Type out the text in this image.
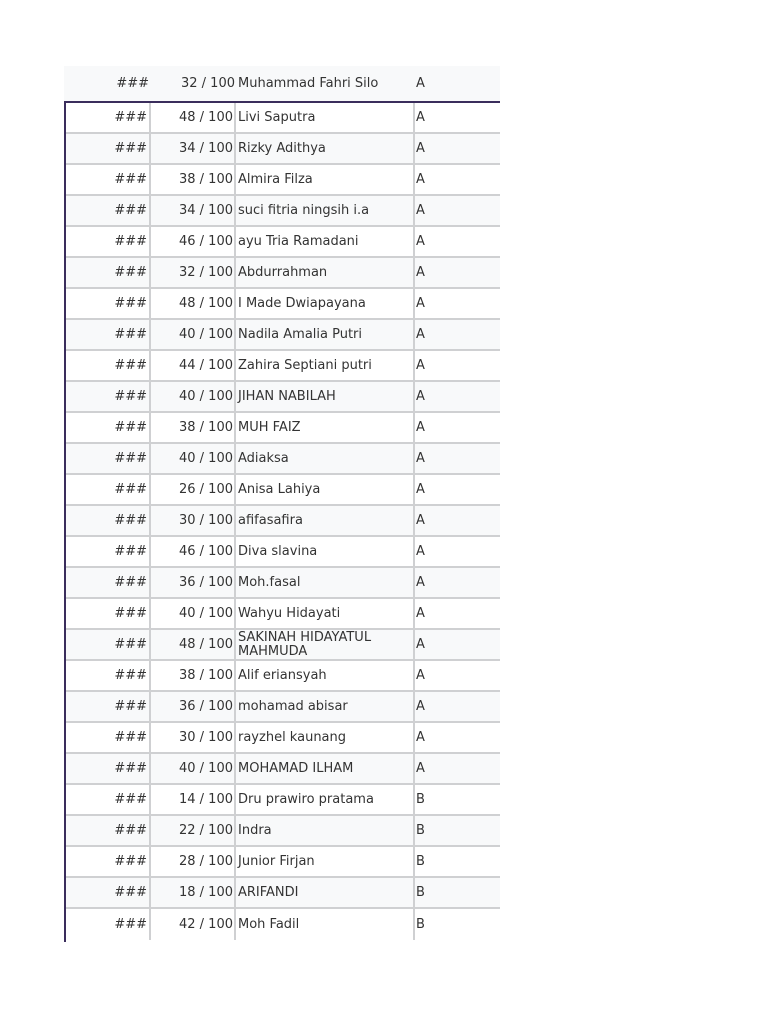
###	32 / 100 Muhammad Fahri Silo	A
###	48 / 100 Livi Saputra	A
###	34 / 100 Rizky Adithya	A
###	38 / 100 Almira Filza	A
###	34 / 100 suci fitria ningsih i.a	A
###	46 / 100 ayu Tria Ramadani	A
###	32 / 100 Abdurrahman	A
###	48 / 100 I Made Dwiapayana	A
###	40 / 100 Nadila Amalia Putri	A
###	44 / 100 Zahira Septiani putri	A
###	40 / 100 JIHAN NABILAH	A
###	38 / 100 MUH FAIZ	A
###	40 / 100 Adiaksa	A
###	26 / 100 Anisa Lahiya	A
###	30 / 100 afifasafira	A
###	46 / 100 Diva slavina	A
###	36 / 100 Moh.fasal	A
###	40 / 100 Wahyu Hidayati	A
###	48 / 100 SAKINAH HIDAYATUL MAHMUDA	A
###	38 / 100 Alif eriansyah	A
###	36 / 100 mohamad abisar	A
###	30 / 100 rayzhel kaunang	A
###	40 / 100 MOHAMAD ILHAM	A
###	14 / 100 Dru prawiro pratama	B
###	22 / 100 Indra	B
###	28 / 100 Junior Firjan	B
###	18 / 100 ARIFANDI	B
###	42 / 100 Moh Fadil	B
